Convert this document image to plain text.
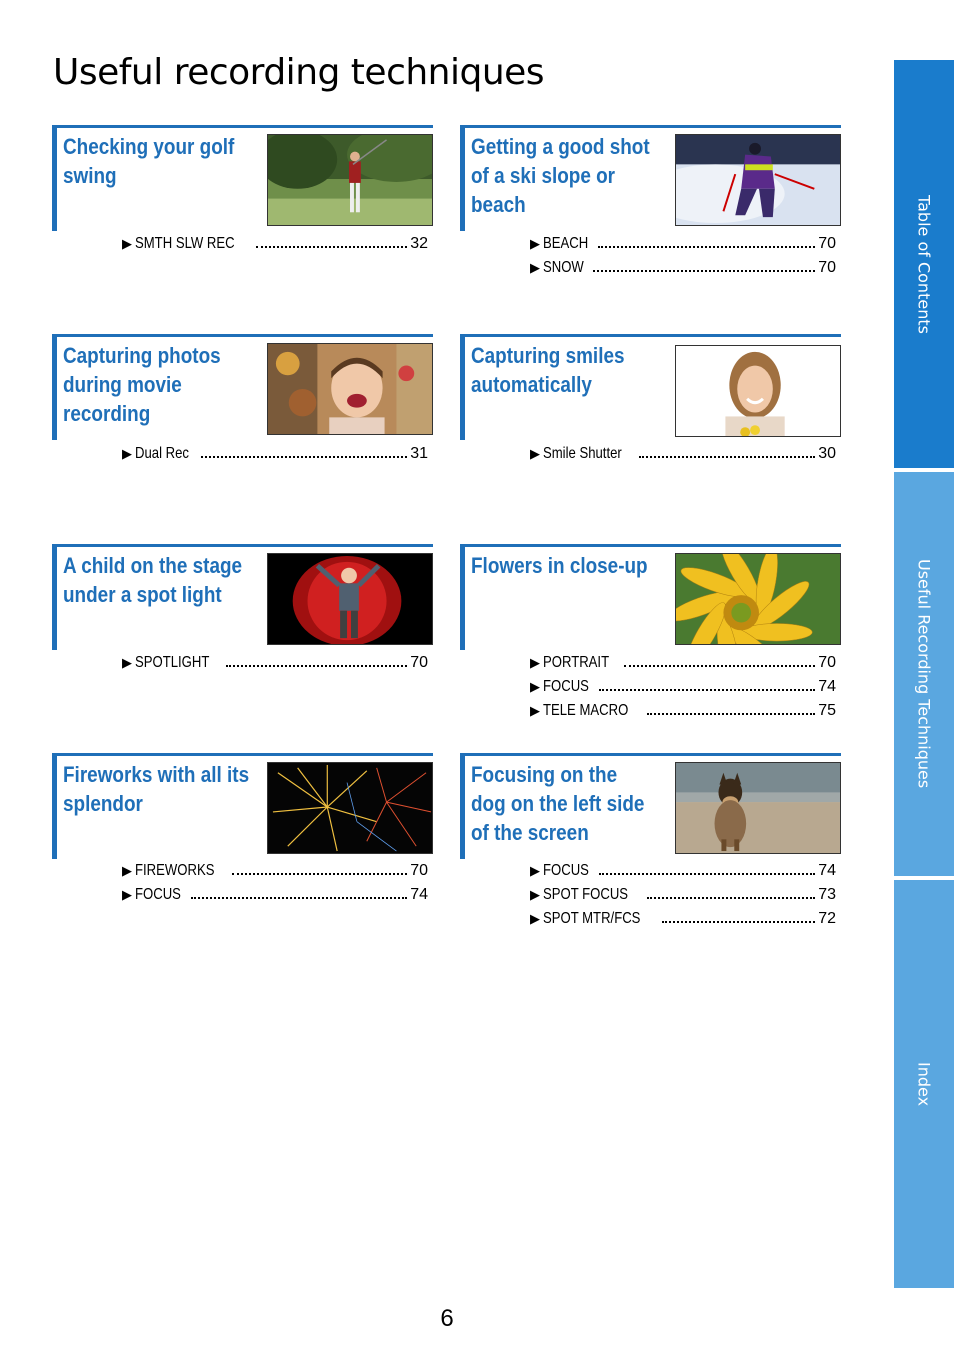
Useful recording techniques
Checking your golf swing
▶ SMTH SLW REC	32
Getting a good shot of a ski slope or beach
▶ BEACH	70
▶ SNOW	70
Capturing photos during movie recording
▶ Dual Rec	31
Capturing smiles automatically
▶ Smile Shutter	30
A child on the stage under a spot light
▶ SPOTLIGHT	70
Flowers in close-up
▶ PORTRAIT	70
▶ FOCUS	74
▶ TELE MACRO	75
Fireworks with all its splendor
▶ FIREWORKS	70
▶ FOCUS	74
Focusing on the dog on the left side of the screen
▶ FOCUS	74
▶ SPOT FOCUS	73
▶ SPOT MTR/FCS	72
Table of Contents
Useful Recording Techniques
Index
6
